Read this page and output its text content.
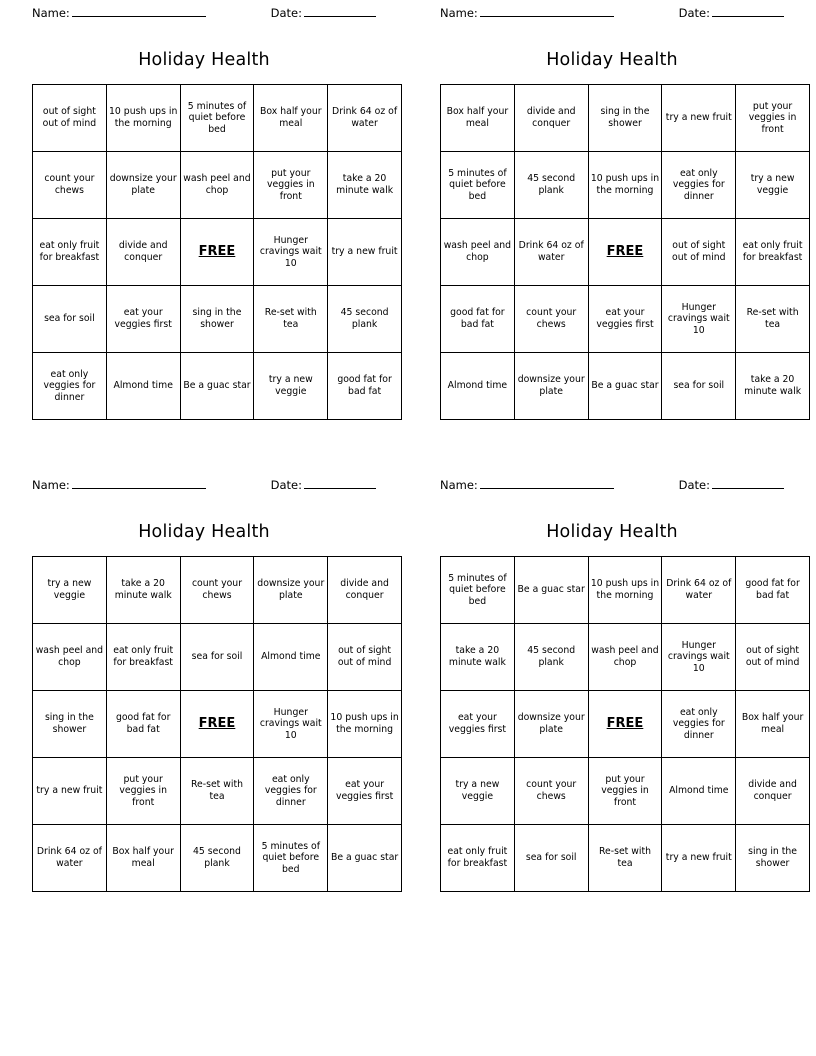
Name:	Date:
Holiday Health
out of sight out of mind	10 push ups in the morning	5 minutes of quiet before bed	Box half your meal	Drink 64 oz of water
count your chews	downsize your plate	wash peel and chop	put your veggies in front	take a 20 minute walk
eat only fruit for breakfast	divide and conquer	FREE	Hunger cravings wait 10	try a new fruit
sea for soil	eat your veggies first	sing in the shower	Re-set with tea	45 second plank
eat only veggies for dinner	Almond time	Be a guac star	try a new veggie	good fat for bad fat
Name:	Date:
Holiday Health
Box half your meal	divide and conquer	sing in the shower	try a new fruit	put your veggies in front
5 minutes of quiet before bed	45 second plank	10 push ups in the morning	eat only veggies for dinner	try a new veggie
wash peel and chop	Drink 64 oz of water	FREE	out of sight out of mind	eat only fruit for breakfast
good fat for bad fat	count your chews	eat your veggies first	Hunger cravings wait 10	Re-set with tea
Almond time	downsize your plate	Be a guac star	sea for soil	take a 20 minute walk
Name:	Date:
Holiday Health
try a new veggie	take a 20 minute walk	count your chews	downsize your plate	divide and conquer
wash peel and chop	eat only fruit for breakfast	sea for soil	Almond time	out of sight out of mind
sing in the shower	good fat for bad fat	FREE	Hunger cravings wait 10	10 push ups in the morning
try a new fruit	put your veggies in front	Re-set with tea	eat only veggies for dinner	eat your veggies first
Drink 64 oz of water	Box half your meal	45 second plank	5 minutes of quiet before bed	Be a guac star
Name:	Date:
Holiday Health
5 minutes of quiet before bed	Be a guac star	10 push ups in the morning	Drink 64 oz of water	good fat for bad fat
take a 20 minute walk	45 second plank	wash peel and chop	Hunger cravings wait 10	out of sight out of mind
eat your veggies first	downsize your plate	FREE	eat only veggies for dinner	Box half your meal
try a new veggie	count your chews	put your veggies in front	Almond time	divide and conquer
eat only fruit for breakfast	sea for soil	Re-set with tea	try a new fruit	sing in the shower
